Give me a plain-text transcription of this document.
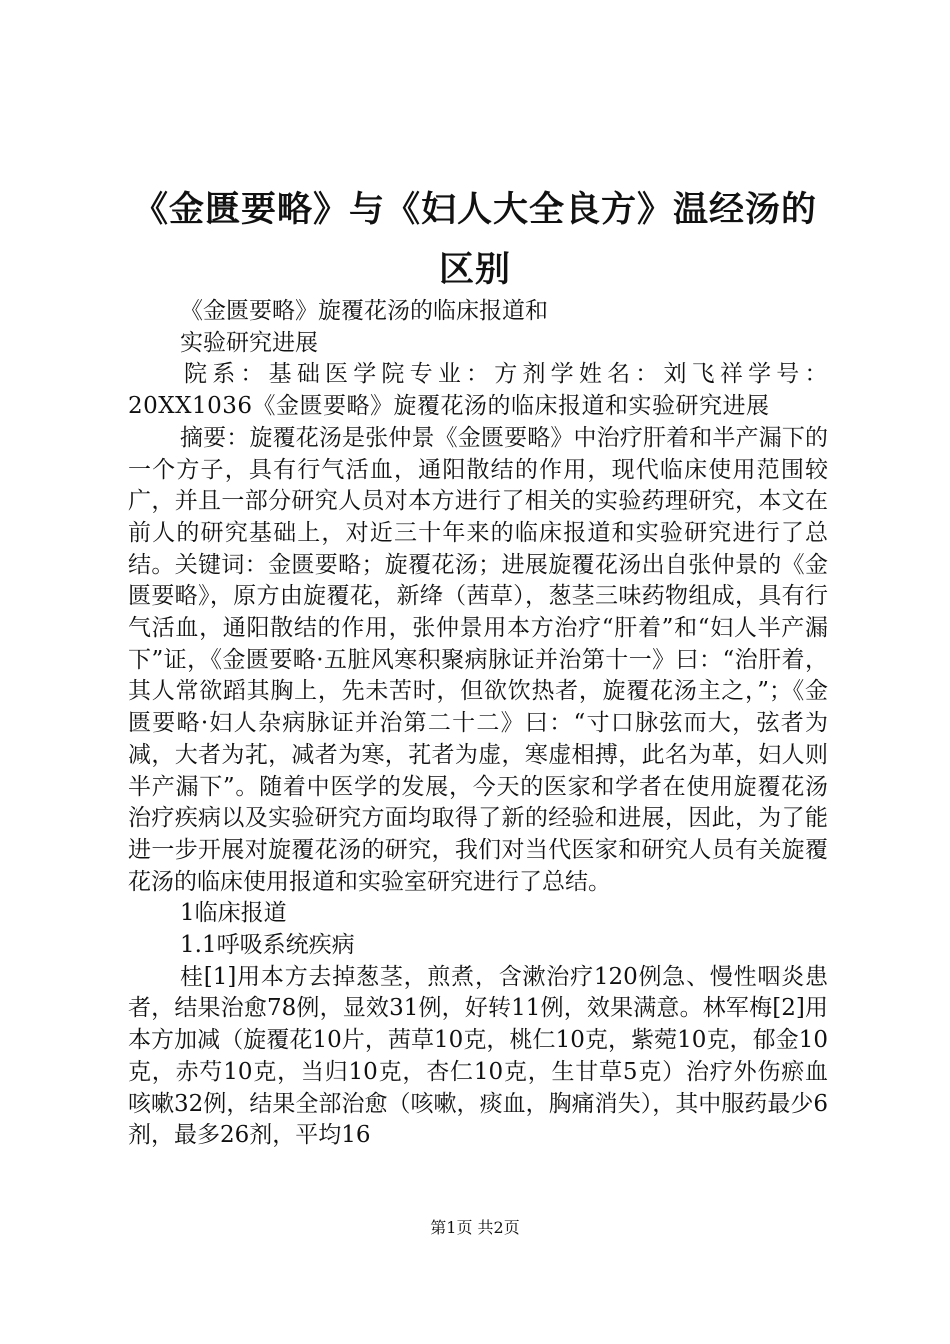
《金匮要略》与《妇人大全良方》温经汤的区别

《金匮要略》旋覆花汤的临床报道和

实验研究进展

院系：基础医学院专业：方剂学姓名：刘飞祥学号：20XX1036《金匮要略》旋覆花汤的临床报道和实验研究进展

摘要：旋覆花汤是张仲景《金匮要略》中治疗肝着和半产漏下的一个方子，具有行气活血，通阳散结的作用，现代临床使用范围较广，并且一部分研究人员对本方进行了相关的实验药理研究，本文在前人的研究基础上，对近三十年来的临床报道和实验研究进行了总结。关键词：金匮要略；旋覆花汤；进展旋覆花汤出自张仲景的《金匮要略》，原方由旋覆花，新绛（茜草），葱茎三味药物组成，具有行气活血，通阳散结的作用，张仲景用本方治疗“肝着”和“妇人半产漏下”证，《金匮要略·五脏风寒积聚病脉证并治第十一》曰：“治肝着，其人常欲蹈其胸上，先未苦时，但欲饮热者，旋覆花汤主之，”；《金匮要略·妇人杂病脉证并治第二十二》曰：“寸口脉弦而大，弦者为减，大者为芤，减者为寒，芤者为虚，寒虚相搏，此名为革，妇人则半产漏下”。随着中医学的发展，今天的医家和学者在使用旋覆花汤治疗疾病以及实验研究方面均取得了新的经验和进展，因此，为了能进一步开展对旋覆花汤的研究，我们对当代医家和研究人员有关旋覆花汤的临床使用报道和实验室研究进行了总结。

1临床报道

1.1呼吸系统疾病

桂[1]用本方去掉葱茎，煎煮，含漱治疗120例急、慢性咽炎患者，结果治愈78例，显效31例，好转11例，效果满意。林军梅[2]用本方加减（旋覆花10片，茜草10克，桃仁10克，紫菀10克，郁金10克，赤芍10克，当归10克，杏仁10克，生甘草5克）治疗外伤瘀血咳嗽32例，结果全部治愈（咳嗽，痰血，胸痛消失），其中服药最少6剂，最多26剂，平均16

第1页 共2页
